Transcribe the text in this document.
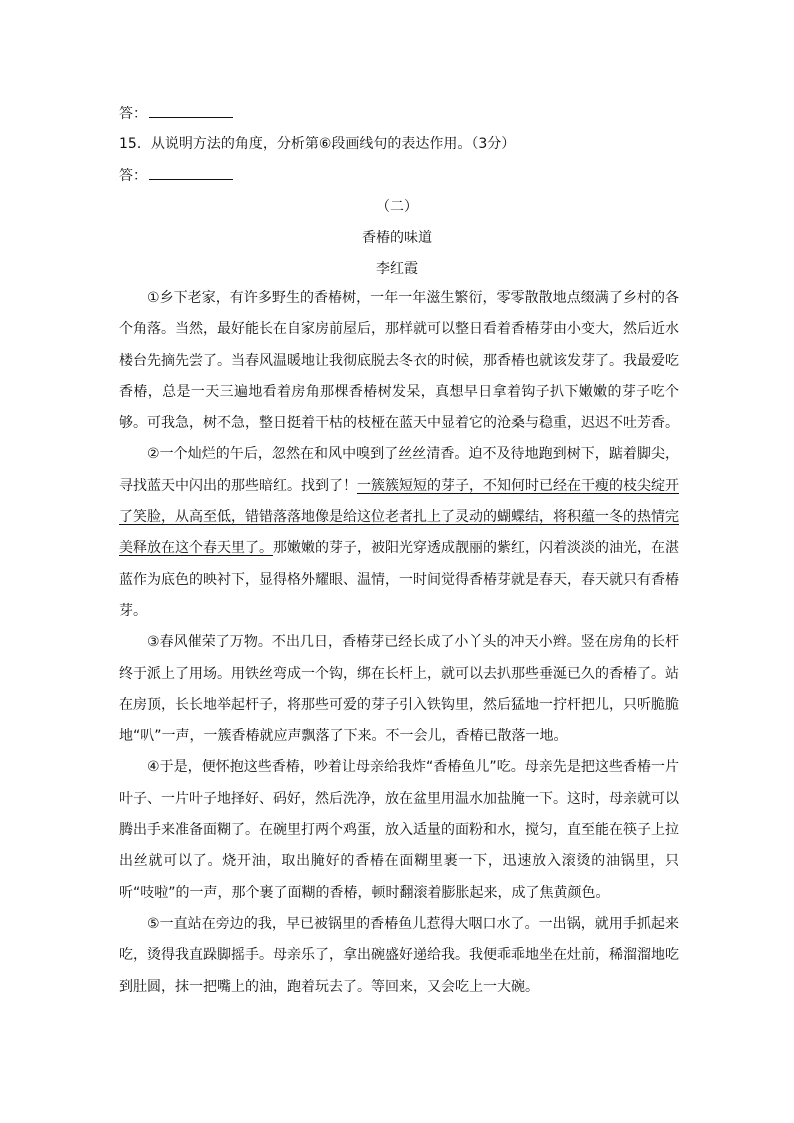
答：
15．从说明方法的角度，分析第⑥段画线句的表达作用。（3分）
答：
（二）
香椿的味道
李红霞

①乡下老家，有许多野生的香椿树，一年一年滋生繁衍，零零散散地点缀满了乡村的各个角落。当然，最好能长在自家房前屋后，那样就可以整日看着香椿芽由小变大，然后近水楼台先摘先尝了。当春风温暖地让我彻底脱去冬衣的时候，那香椿也就该发芽了。我最爱吃香椿，总是一天三遍地看着房角那棵香椿树发呆，真想早日拿着钩子扒下嫩嫩的芽子吃个够。可我急，树不急，整日挺着干枯的枝桠在蓝天中显着它的沧桑与稳重，迟迟不吐芳香。

②一个灿烂的午后，忽然在和风中嗅到了丝丝清香。迫不及待地跑到树下，踮着脚尖，寻找蓝天中闪出的那些暗红。找到了！一簇簇短短的芽子，不知何时已经在干瘦的枝尖绽开了笑脸，从高至低，错错落落地像是给这位老者扎上了灵动的蝴蝶结，将积蕴一冬的热情完美释放在这个春天里了。那嫩嫩的芽子，被阳光穿透成靓丽的紫红，闪着淡淡的油光，在湛蓝作为底色的映衬下，显得格外耀眼、温情，一时间觉得香椿芽就是春天，春天就只有香椿芽。

③春风催荣了万物。不出几日，香椿芽已经长成了小丫头的冲天小辫。竖在房角的长杆终于派上了用场。用铁丝弯成一个钩，绑在长杆上，就可以去扒那些垂涎已久的香椿了。站在房顶，长长地举起杆子，将那些可爱的芽子引入铁钩里，然后猛地一拧杆把儿，只听脆脆地“叭”一声，一簇香椿就应声飘落了下来。不一会儿，香椿已散落一地。

④于是，便怀抱这些香椿，吵着让母亲给我炸“香椿鱼儿”吃。母亲先是把这些香椿一片叶子、一片叶子地择好、码好，然后洗净，放在盆里用温水加盐腌一下。这时，母亲就可以腾出手来准备面糊了。在碗里打两个鸡蛋，放入适量的面粉和水，搅匀，直至能在筷子上拉出丝就可以了。烧开油，取出腌好的香椿在面糊里裹一下，迅速放入滚烫的油锅里，只听“吱啦”的一声，那个裹了面糊的香椿，顿时翻滚着膨胀起来，成了焦黄颜色。

⑤一直站在旁边的我，早已被锅里的香椿鱼儿惹得大咽口水了。一出锅，就用手抓起来吃，烫得我直跺脚摇手。母亲乐了，拿出碗盛好递给我。我便乖乖地坐在灶前，稀溜溜地吃到肚圆，抹一把嘴上的油，跑着玩去了。等回来，又会吃上一大碗。
